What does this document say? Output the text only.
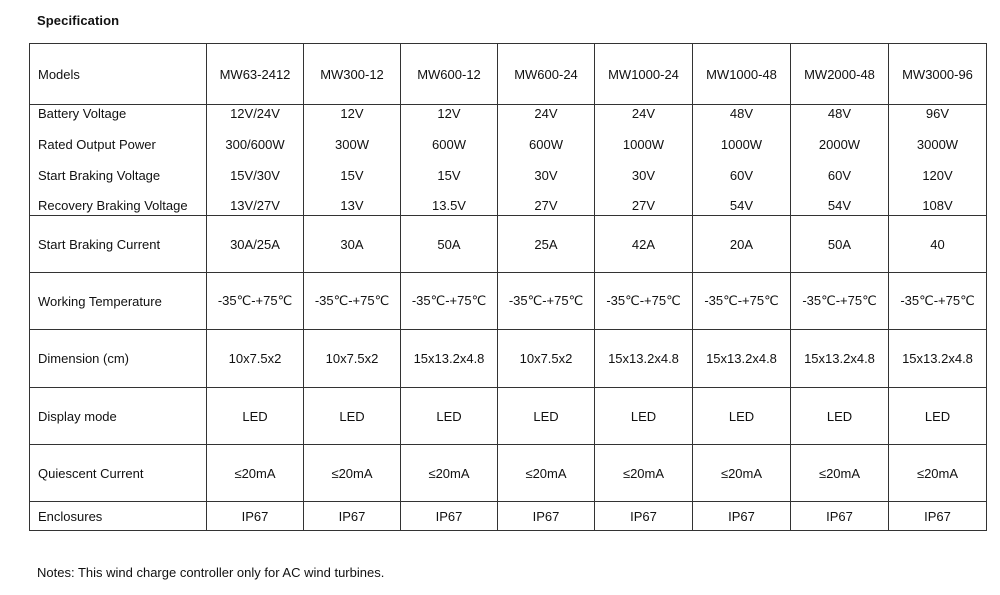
Specification
Models	MW63-2412	MW300-12	MW600-12	MW600-24	MW1000-24	MW1000-48	MW2000-48	MW3000-96
Battery Voltage	12V/24V	12V	12V	24V	24V	48V	48V	96V
Rated Output Power	300/600W	300W	600W	600W	1000W	1000W	2000W	3000W
Start Braking Voltage	15V/30V	15V	15V	30V	30V	60V	60V	120V
Recovery Braking Voltage	13V/27V	13V	13.5V	27V	27V	54V	54V	108V
Start Braking Current	30A/25A	30A	50A	25A	42A	20A	50A	40
Working Temperature	-35℃-+75℃	-35℃-+75℃	-35℃-+75℃	-35℃-+75℃	-35℃-+75℃	-35℃-+75℃	-35℃-+75℃	-35℃-+75℃
Dimension (cm)	10x7.5x2	10x7.5x2	15x13.2x4.8	10x7.5x2	15x13.2x4.8	15x13.2x4.8	15x13.2x4.8	15x13.2x4.8
Display mode	LED	LED	LED	LED	LED	LED	LED	LED
Quiescent Current	≤20mA	≤20mA	≤20mA	≤20mA	≤20mA	≤20mA	≤20mA	≤20mA
Enclosures	IP67	IP67	IP67	IP67	IP67	IP67	IP67	IP67
Notes: This wind charge controller only for AC wind turbines.
